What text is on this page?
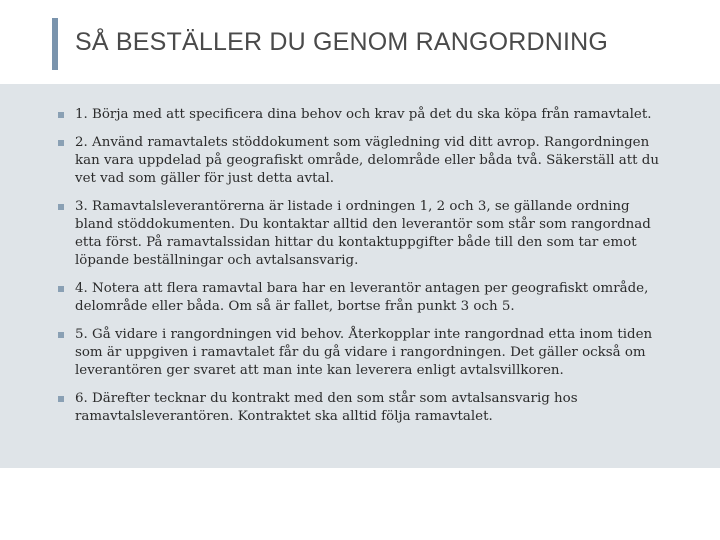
SÅ BESTÄLLER DU GENOM RANGORDNING
1. Börja med att specificera dina behov och krav på det du ska köpa från ramavtalet.
2. Använd ramavtalets stöddokument som vägledning vid ditt avrop. Rangordningen kan vara uppdelad på geografiskt område, delområde eller båda två. Säkerställ att du vet vad som gäller för just detta avtal.
3. Ramavtalsleverantörerna är listade i ordningen 1, 2 och 3, se gällande ordning bland stöddokumenten. Du kontaktar alltid den leverantör som står som rangordnad etta först. På ramavtalssidan hittar du kontaktuppgifter både till den som tar emot löpande beställningar och avtalsansvarig.
4. Notera att flera ramavtal bara har en leverantör antagen per geografiskt område, delområde eller båda. Om så är fallet, bortse från punkt 3 och 5.
5. Gå vidare i rangordningen vid behov. Återkopplar inte rangordnad etta inom tiden som är uppgiven i ramavtalet får du gå vidare i rangordningen. Det gäller också om leverantören ger svaret att man inte kan leverera enligt avtalsvillkoren.
6. Därefter tecknar du kontrakt med den som står som avtalsansvarig hos ramavtalsleverantören. Kontraktet ska alltid följa ramavtalet.
♥SKLKommentusInköpscentral
